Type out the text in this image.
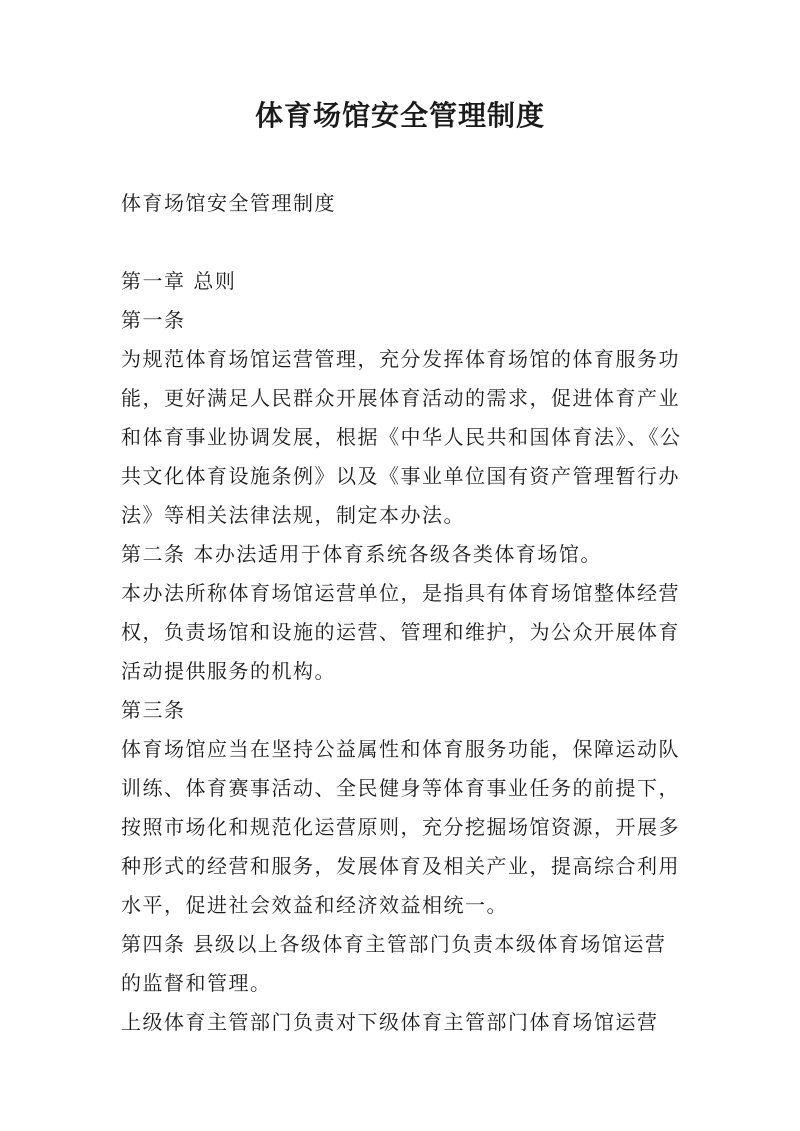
体育场馆安全管理制度
体育场馆安全管理制度
第一章 总则
第一条
为规范体育场馆运营管理，充分发挥体育场馆的体育服务功
能，更好满足人民群众开展体育活动的需求，促进体育产业
和体育事业协调发展，根据《中华人民共和国体育法》、《公
共文化体育设施条例》以及《事业单位国有资产管理暂行办
法》等相关法律法规，制定本办法。
第二条 本办法适用于体育系统各级各类体育场馆。
本办法所称体育场馆运营单位，是指具有体育场馆整体经营
权，负责场馆和设施的运营、管理和维护，为公众开展体育
活动提供服务的机构。
第三条
体育场馆应当在坚持公益属性和体育服务功能，保障运动队
训练、体育赛事活动、全民健身等体育事业任务的前提下，
按照市场化和规范化运营原则，充分挖掘场馆资源，开展多
种形式的经营和服务，发展体育及相关产业，提高综合利用
水平，促进社会效益和经济效益相统一。
第四条 县级以上各级体育主管部门负责本级体育场馆运营
的监督和管理。
上级体育主管部门负责对下级体育主管部门体育场馆运营
